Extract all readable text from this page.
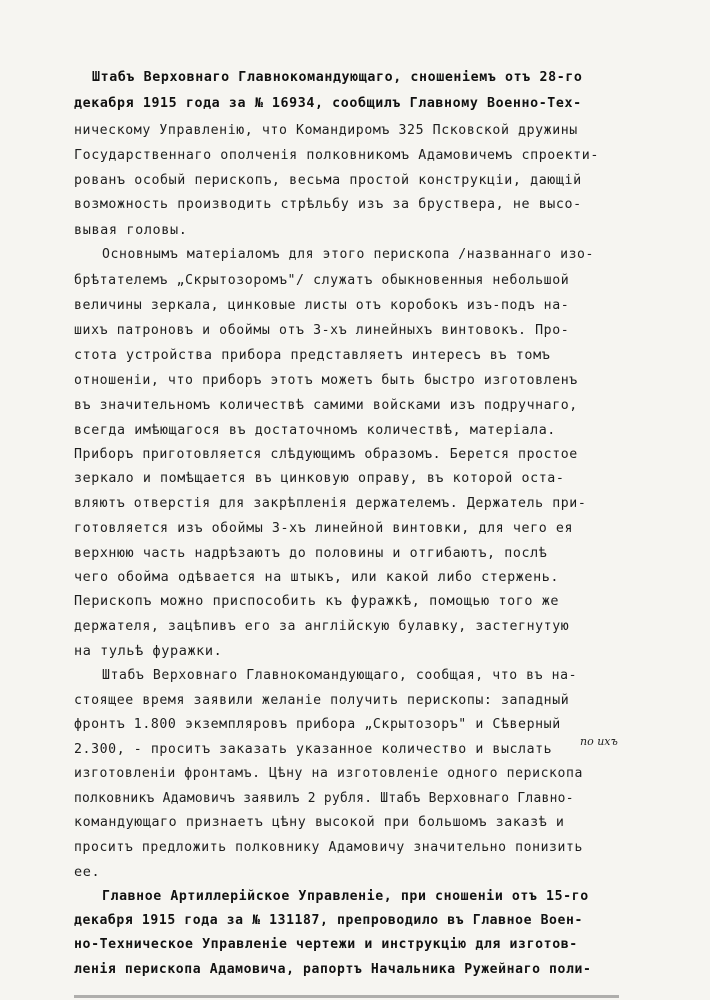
Штабъ Верховнаго Главнокомандующаго, сношеніемъ отъ 28-го
декабря 1915 года за № 16934, сообщилъ Главному Военно-Тех-
ническому Управленію, что Командиромъ 325 Псковской дружины
Государственнаго ополченія полковникомъ Адамовичемъ спроекти-
рованъ особый перископъ, весьма простой конструкціи, дающій
возможность производить стрѣльбу изъ за бруствера, не высо-
вывая головы.
Основнымъ матеріаломъ для этого перископа /названнаго изо-
брѣтателемъ „Скрытозоромъ"/ служатъ обыкновенныя небольшой
величины зеркала, цинковые листы отъ коробокъ изъ-подъ на-
шихъ патроновъ и обоймы отъ 3-хъ линейныхъ винтовокъ. Про-
стота устройства прибора представляетъ интересъ въ томъ
отношеніи, что приборъ этотъ можетъ быть быстро изготовленъ
въ значительномъ количествѣ самими войсками изъ подручнаго,
всегда имѣющагося въ достаточномъ количествѣ, матеріала.
Приборъ приготовляется слѣдующимъ образомъ. Берется простое
зеркало и помѣщается въ цинковую оправу, въ которой оста-
вляютъ отверстія для закрѣпленія держателемъ. Держатель при-
готовляется изъ обоймы 3-хъ линейной винтовки, для чего ея
верхнюю часть надрѣзаютъ до половины и отгибаютъ, послѣ
чего обойма одѣвается на штыкъ, или какой либо стержень.
Перископъ можно приспособить къ фуражкѣ, помощью того же
держателя, зацѣпивъ его за англійскую булавку, застегнутую
на тульѣ фуражки.
Штабъ Верховнаго Главнокомандующаго, сообщая, что въ на-
стоящее время заявили желаніе получить перископы: западный
фронтъ 1.800 экземпляровъ прибора „Скрытозоръ" и Сѣверный
2.300, - проситъ заказать указанное количество и выслать
по ихъ
изготовленіи фронтамъ. Цѣну на изготовленіе одного перископа
полковникъ Адамовичъ заявилъ 2 рубля. Штабъ Верховнаго Главно-
командующаго признаетъ цѣну высокой при большомъ заказѣ и
проситъ предложить полковнику Адамовичу значительно понизить
ее.
Главное Артиллерійское Управленіе, при сношеніи отъ 15-го
декабря 1915 года за № 131187, препроводило въ Главное Воен-
но-Техническое Управленіе чертежи и инструкцію для изготов-
ленія перископа Адамовича, рапортъ Начальника Ружейнаго поли-
